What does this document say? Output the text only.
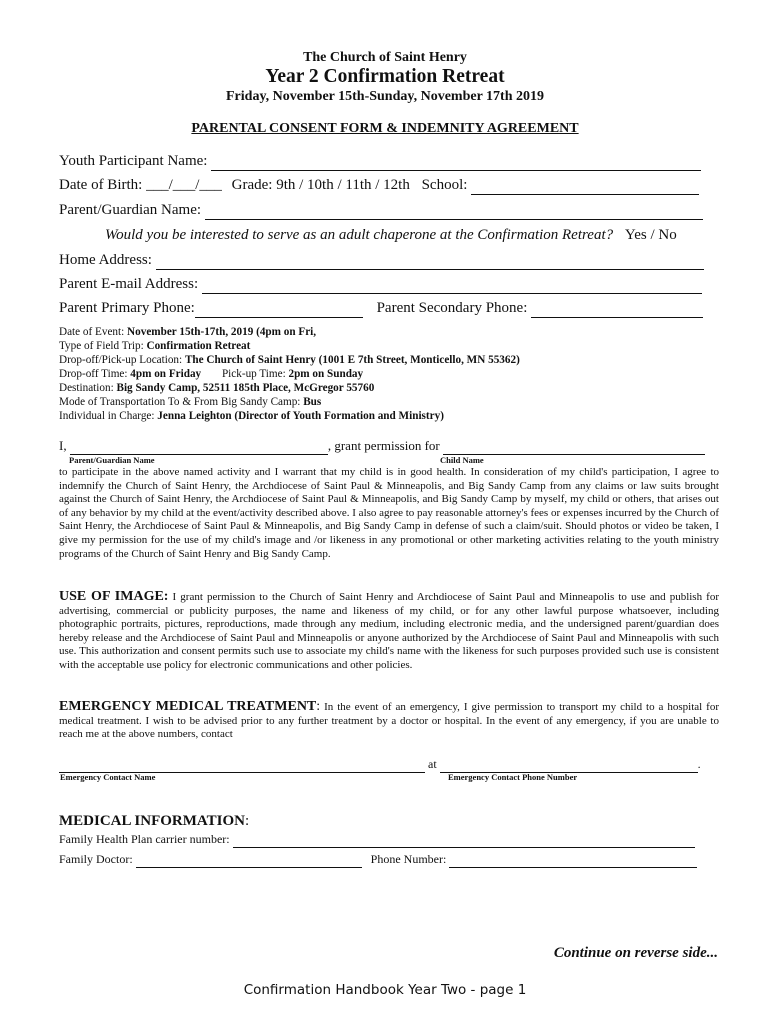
The Church of Saint Henry
Year 2 Confirmation Retreat
Friday, November 15th-Sunday, November 17th 2019
PARENTAL CONSENT FORM & INDEMNITY AGREEMENT
Youth Participant Name:
Date of Birth: ___/___/___ Grade: 9th / 10th / 11th / 12th School:
Parent/Guardian Name:
Would you be interested to serve as an adult chaperone at the Confirmation Retreat? Yes / No
Home Address:
Parent E-mail Address:
Parent Primary Phone:	Parent Secondary Phone:
Date of Event: November 15th-17th, 2019 (4pm on Fri,
Type of Field Trip: Confirmation Retreat
Drop-off/Pick-up Location: The Church of Saint Henry (1001 E 7th Street, Monticello, MN 55362)
Drop-off Time: 4pm on Friday Pick-up Time: 2pm on Sunday
Destination: Big Sandy Camp, 52511 185th Place, McGregor 55760
Mode of Transportation To & From Big Sandy Camp: Bus
Individual in Charge: Jenna Leighton (Director of Youth Formation and Ministry)
I,	, grant permission for
Parent/Guardian Name	Child Name
to participate in the above named activity and I warrant that my child is in good health. In consideration of my child's participation, I agree to indemnify the Church of Saint Henry, the Archdiocese of Saint Paul & Minneapolis, and Big Sandy Camp from any claims or law suits brought against the Church of Saint Henry, the Archdiocese of Saint Paul & Minneapolis, and Big Sandy Camp by myself, my child or others, that arises out of any behavior by my child at the event/activity described above. I also agree to pay reasonable attorney's fees or expenses incurred by the Church of Saint Henry, the Archdiocese of Saint Paul & Minneapolis, and Big Sandy Camp in defense of such a claim/suit. Should photos or video be taken, I give my permission for the use of my child's image and /or likeness in any promotional or other marketing activities relating to the youth ministry programs of the Church of Saint Henry and Big Sandy Camp.
USE OF IMAGE: I grant permission to the Church of Saint Henry and Archdiocese of Saint Paul and Minneapolis to use and publish for advertising, commercial or publicity purposes, the name and likeness of my child, or for any other lawful purpose whatsoever, including photographic portraits, pictures, reproductions, made through any medium, including electronic media, and the undersigned parent/guardian does hereby release and the Archdiocese of Saint Paul and Minneapolis or anyone authorized by the Archdiocese of Saint Paul and Minneapolis with such use. This authorization and consent permits such use to associate my child's name with the likeness for such purposes provided such use is consistent with the acceptable use policy for electronic communications and other policies.
EMERGENCY MEDICAL TREATMENT: In the event of an emergency, I give permission to transport my child to a hospital for medical treatment. I wish to be advised prior to any further treatment by a doctor or hospital. In the event of any emergency, if you are unable to reach me at the above numbers, contact
at	.
Emergency Contact Name	Emergency Contact Phone Number
MEDICAL INFORMATION:
Family Health Plan carrier number:
Family Doctor:	Phone Number:
Continue on reverse side...
Confirmation Handbook Year Two - page 1
